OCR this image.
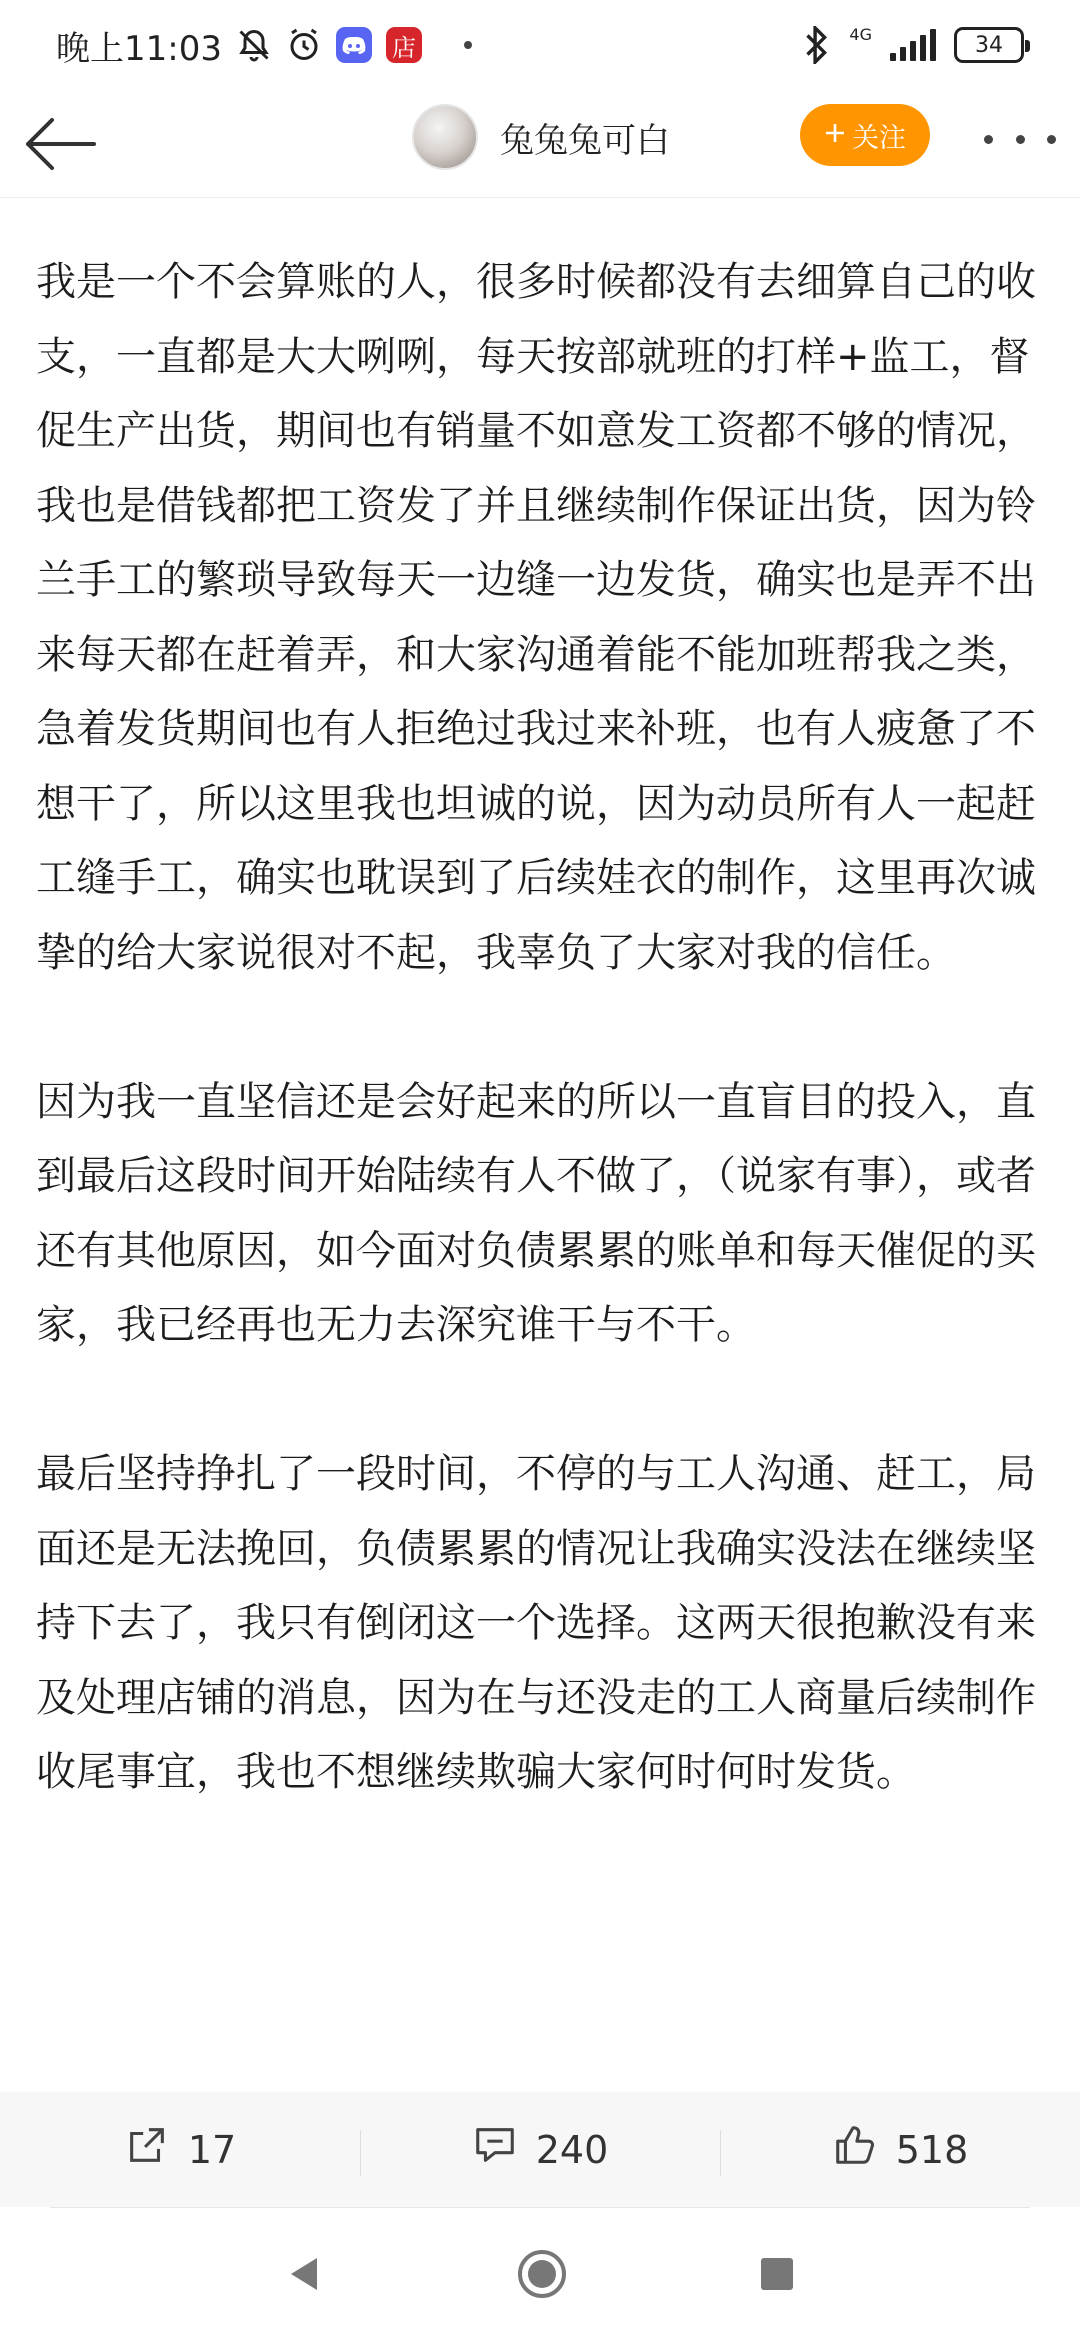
晚上11:03	店	4G	34
兔兔兔可白	关注

我是一个不会算账的人，很多时候都没有去细算自己的收支，一直都是大大咧咧，每天按部就班的打样+监工，督促生产出货，期间也有销量不如意发工资都不够的情况，我也是借钱都把工资发了并且继续制作保证出货，因为铃兰手工的繁琐导致每天一边缝一边发货，确实也是弄不出来每天都在赶着弄，和大家沟通着能不能加班帮我之类，急着发货期间也有人拒绝过我过来补班，也有人疲惫了不想干了，所以这里我也坦诚的说，因为动员所有人一起赶工缝手工，确实也耽误到了后续娃衣的制作，这里再次诚挚的给大家说很对不起，我辜负了大家对我的信任。

因为我一直坚信还是会好起来的所以一直盲目的投入，直到最后这段时间开始陆续有人不做了，（说家有事），或者还有其他原因，如今面对负债累累的账单和每天催促的买家，我已经再也无力去深究谁干与不干。

最后坚持挣扎了一段时间，不停的与工人沟通、赶工，局面还是无法挽回，负债累累的情况让我确实没法在继续坚持下去了，我只有倒闭这一个选择。这两天很抱歉没有来及处理店铺的消息，因为在与还没走的工人商量后续制作收尾事宜，我也不想继续欺骗大家何时何时发货。

17	240	518
